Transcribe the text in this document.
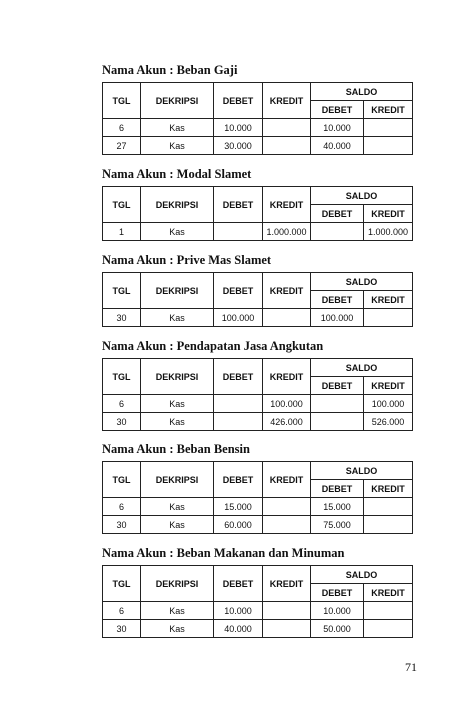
Nama Akun : Beban Gaji
TGL	DEKRIPSI	DEBET	KREDIT	SALDO	
				DEBET	KREDIT
6	Kas	10.000		10.000	
27	Kas	30.000		40.000	
Nama Akun : Modal Slamet
TGL	DEKRIPSI	DEBET	KREDIT	SALDO	
				DEBET	KREDIT
1	Kas		1.000.000		1.000.000
Nama Akun : Prive Mas Slamet
TGL	DEKRIPSI	DEBET	KREDIT	SALDO	
				DEBET	KREDIT
30	Kas	100.000		100.000	
Nama Akun : Pendapatan Jasa Angkutan
TGL	DEKRIPSI	DEBET	KREDIT	SALDO	
				DEBET	KREDIT
6	Kas		100.000		100.000
30	Kas		426.000		526.000
Nama Akun : Beban Bensin
TGL	DEKRIPSI	DEBET	KREDIT	SALDO	
				DEBET	KREDIT
6	Kas	15.000		15.000	
30	Kas	60.000		75.000	
Nama Akun : Beban Makanan dan Minuman
TGL	DEKRIPSI	DEBET	KREDIT	SALDO	
				DEBET	KREDIT
6	Kas	10.000		10.000	
30	Kas	40.000		50.000	
71
